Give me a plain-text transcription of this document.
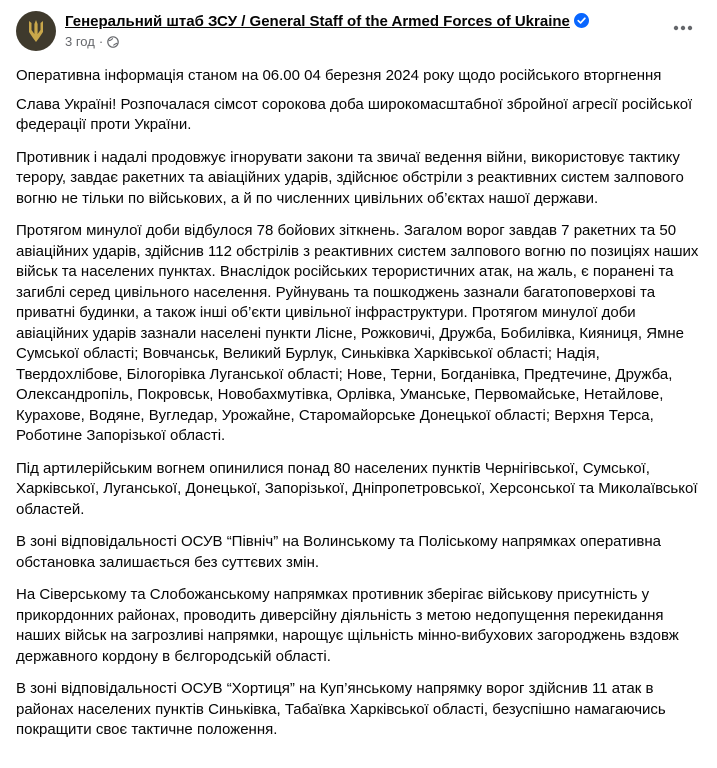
Генеральний штаб ЗСУ / General Staff of the Armed Forces of Ukraine
3 год ·

Оперативна інформація станом на 06.00 04 березня 2024 року щодо російського вторгнення

Слава Україні! Розпочалася сімсот сорокова доба широкомасштабної збройної агресії російської федерації проти України.

Противник і надалі продовжує ігнорувати закони та звичаї ведення війни, використовує тактику терору, завдає ракетних та авіаційних ударів, здійснює обстріли з реактивних систем залпового вогню не тільки по військових, а й по численних цивільних об’єктах нашої держави.

Протягом минулої доби відбулося 78 бойових зіткнень. Загалом ворог завдав 7 ракетних та 50 авіаційних ударів, здійснив 112 обстрілів з реактивних систем залпового вогню по позиціях наших військ та населених пунктах. Внаслідок російських терористичних атак, на жаль, є поранені та загиблі серед цивільного населення. Руйнувань та пошкоджень зазнали багатоповерхові та приватні будинки, а також інші об’єкти цивільної інфраструктури. Протягом минулої доби авіаційних ударів зазнали населені пункти Лісне, Рожковичі, Дружба, Бобилівка, Кияниця, Ямне Сумської області; Вовчанськ, Великий Бурлук, Синьківка Харківської області; Надія, Твердохлібове, Білогорівка Луганської області; Нове, Терни, Богданівка, Предтечине, Дружба, Олександропіль, Покровськ, Новобахмутівка, Орлівка, Уманське, Первомайське, Нетайлове, Курахове, Водяне, Вугледар, Урожайне, Старомайорське Донецької області; Верхня Терса, Роботине Запорізької області.

Під артилерійським вогнем опинилися понад 80 населених пунктів Чернігівської, Сумської, Харківської, Луганської, Донецької, Запорізької, Дніпропетровської, Херсонської та Миколаївської областей.

В зоні відповідальності ОСУВ “Північ” на Волинському та Поліському напрямках оперативна обстановка залишається без суттєвих змін.

На Сіверському та Слобожанському напрямках противник зберігає військову присутність у прикордонних районах, проводить диверсійну діяльність з метою недопущення перекидання наших військ на загрозливі напрямки, нарощує щільність мінно-вибухових загороджень вздовж державного кордону в бєлгородській області.

В зоні відповідальності ОСУВ “Хортиця” на Куп’янському напрямку ворог здійснив 11 атак в районах населених пунктів Синьківка, Табаївка Харківської області, безуспішно намагаючись покращити своє тактичне положення.
